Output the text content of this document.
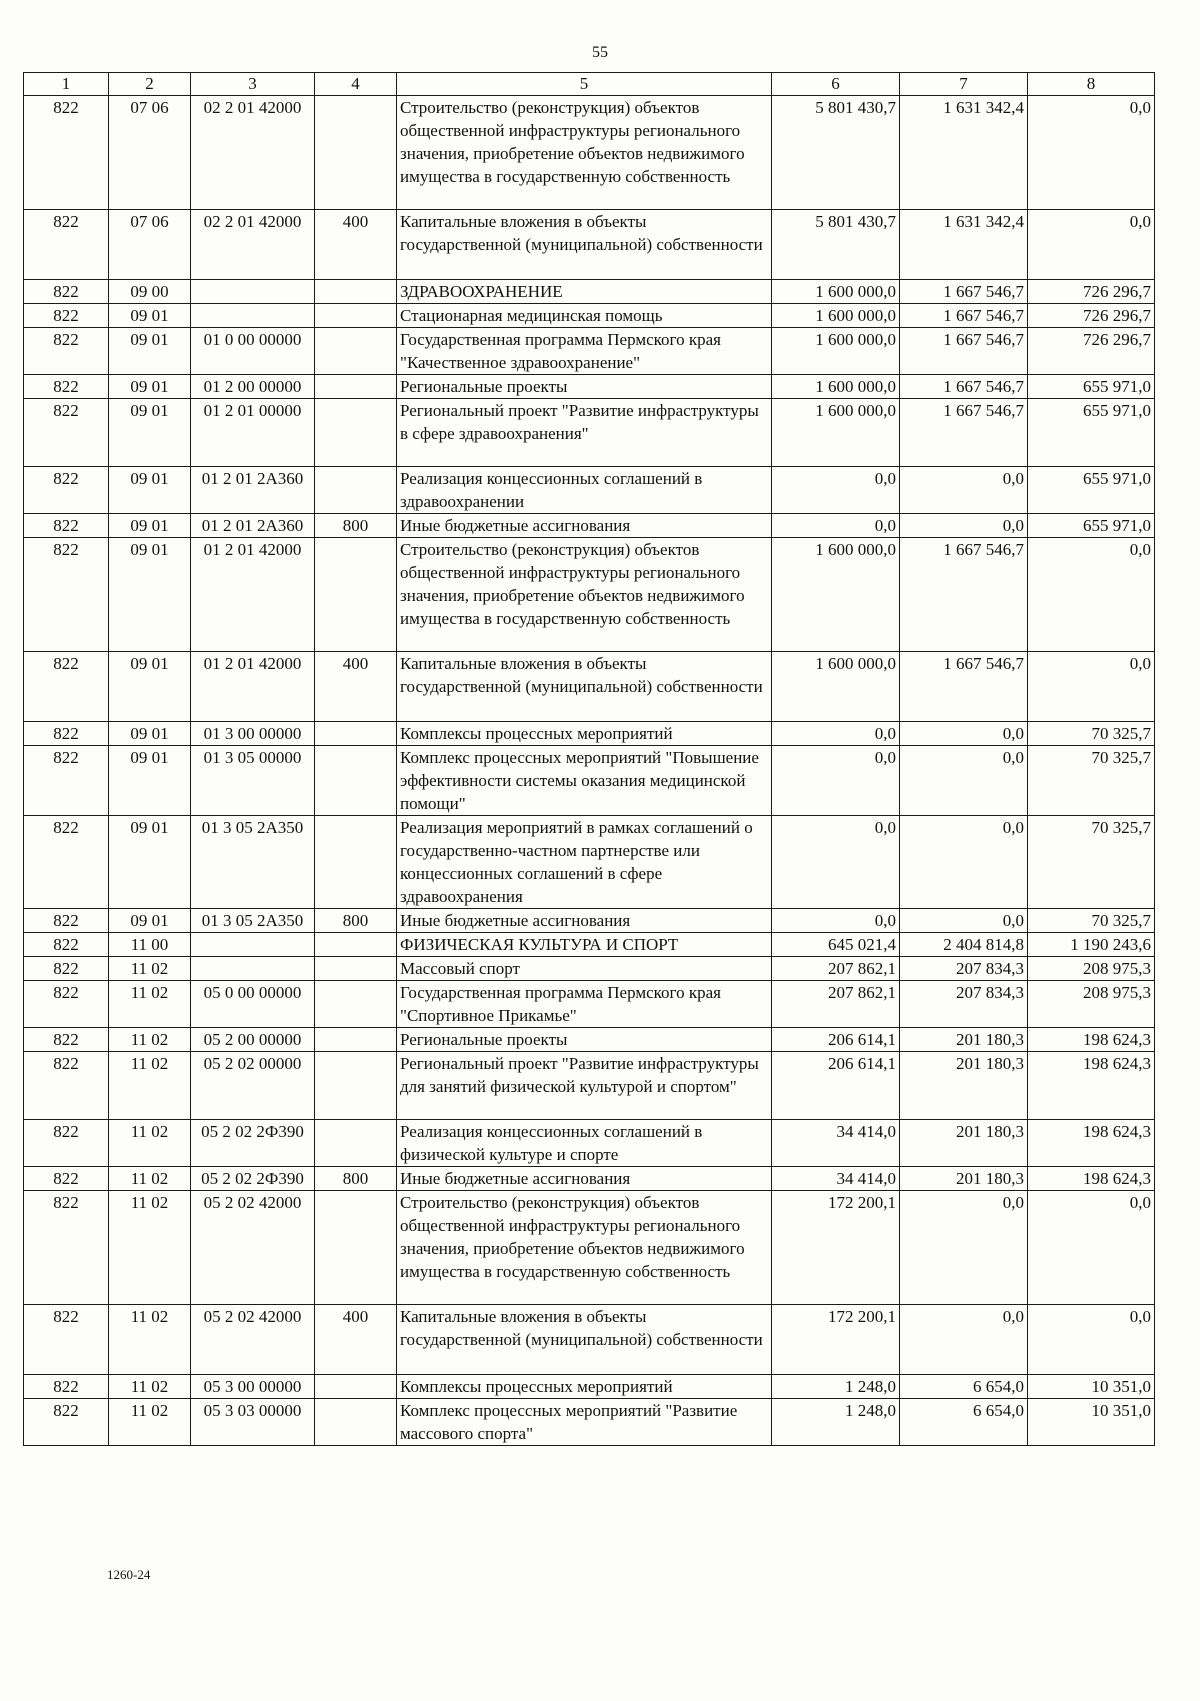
55
1	2	3	4	5	6	7	8
822	07 06	02 2 01 42000		Строительство (реконструкция) объектов общественной инфраструктуры регионального значения, приобретение объектов недвижимого имущества в государственную собственность	5 801 430,7	1 631 342,4	0,0
822	07 06	02 2 01 42000	400	Капитальные вложения в объекты государственной (муниципальной) собственности	5 801 430,7	1 631 342,4	0,0
822	09 00			ЗДРАВООХРАНЕНИЕ	1 600 000,0	1 667 546,7	726 296,7
822	09 01			Стационарная медицинская помощь	1 600 000,0	1 667 546,7	726 296,7
822	09 01	01 0 00 00000		Государственная программа Пермского края "Качественное здравоохранение"	1 600 000,0	1 667 546,7	726 296,7
822	09 01	01 2 00 00000		Региональные проекты	1 600 000,0	1 667 546,7	655 971,0
822	09 01	01 2 01 00000		Региональный проект "Развитие инфраструктуры в сфере здравоохранения"	1 600 000,0	1 667 546,7	655 971,0
822	09 01	01 2 01 2А360		Реализация концессионных соглашений в здравоохранении	0,0	0,0	655 971,0
822	09 01	01 2 01 2А360	800	Иные бюджетные ассигнования	0,0	0,0	655 971,0
822	09 01	01 2 01 42000		Строительство (реконструкция) объектов общественной инфраструктуры регионального значения, приобретение объектов недвижимого имущества в государственную собственность	1 600 000,0	1 667 546,7	0,0
822	09 01	01 2 01 42000	400	Капитальные вложения в объекты государственной (муниципальной) собственности	1 600 000,0	1 667 546,7	0,0
822	09 01	01 3 00 00000		Комплексы процессных мероприятий	0,0	0,0	70 325,7
822	09 01	01 3 05 00000		Комплекс процессных мероприятий "Повышение эффективности системы оказания медицинской помощи"	0,0	0,0	70 325,7
822	09 01	01 3 05 2А350		Реализация мероприятий в рамках соглашений о государственно-частном партнерстве или концессионных соглашений в сфере здравоохранения	0,0	0,0	70 325,7
822	09 01	01 3 05 2А350	800	Иные бюджетные ассигнования	0,0	0,0	70 325,7
822	11 00			ФИЗИЧЕСКАЯ КУЛЬТУРА И СПОРТ	645 021,4	2 404 814,8	1 190 243,6
822	11 02			Массовый спорт	207 862,1	207 834,3	208 975,3
822	11 02	05 0 00 00000		Государственная программа Пермского края "Спортивное Прикамье"	207 862,1	207 834,3	208 975,3
822	11 02	05 2 00 00000		Региональные проекты	206 614,1	201 180,3	198 624,3
822	11 02	05 2 02 00000		Региональный проект "Развитие инфраструктуры для занятий физической культурой и спортом"	206 614,1	201 180,3	198 624,3
822	11 02	05 2 02 2Ф390		Реализация концессионных соглашений в физической культуре и спорте	34 414,0	201 180,3	198 624,3
822	11 02	05 2 02 2Ф390	800	Иные бюджетные ассигнования	34 414,0	201 180,3	198 624,3
822	11 02	05 2 02 42000		Строительство (реконструкция) объектов общественной инфраструктуры регионального значения, приобретение объектов недвижимого имущества в государственную собственность	172 200,1	0,0	0,0
822	11 02	05 2 02 42000	400	Капитальные вложения в объекты государственной (муниципальной) собственности	172 200,1	0,0	0,0
822	11 02	05 3 00 00000		Комплексы процессных мероприятий	1 248,0	6 654,0	10 351,0
822	11 02	05 3 03 00000		Комплекс процессных мероприятий "Развитие массового спорта"	1 248,0	6 654,0	10 351,0
1260-24
